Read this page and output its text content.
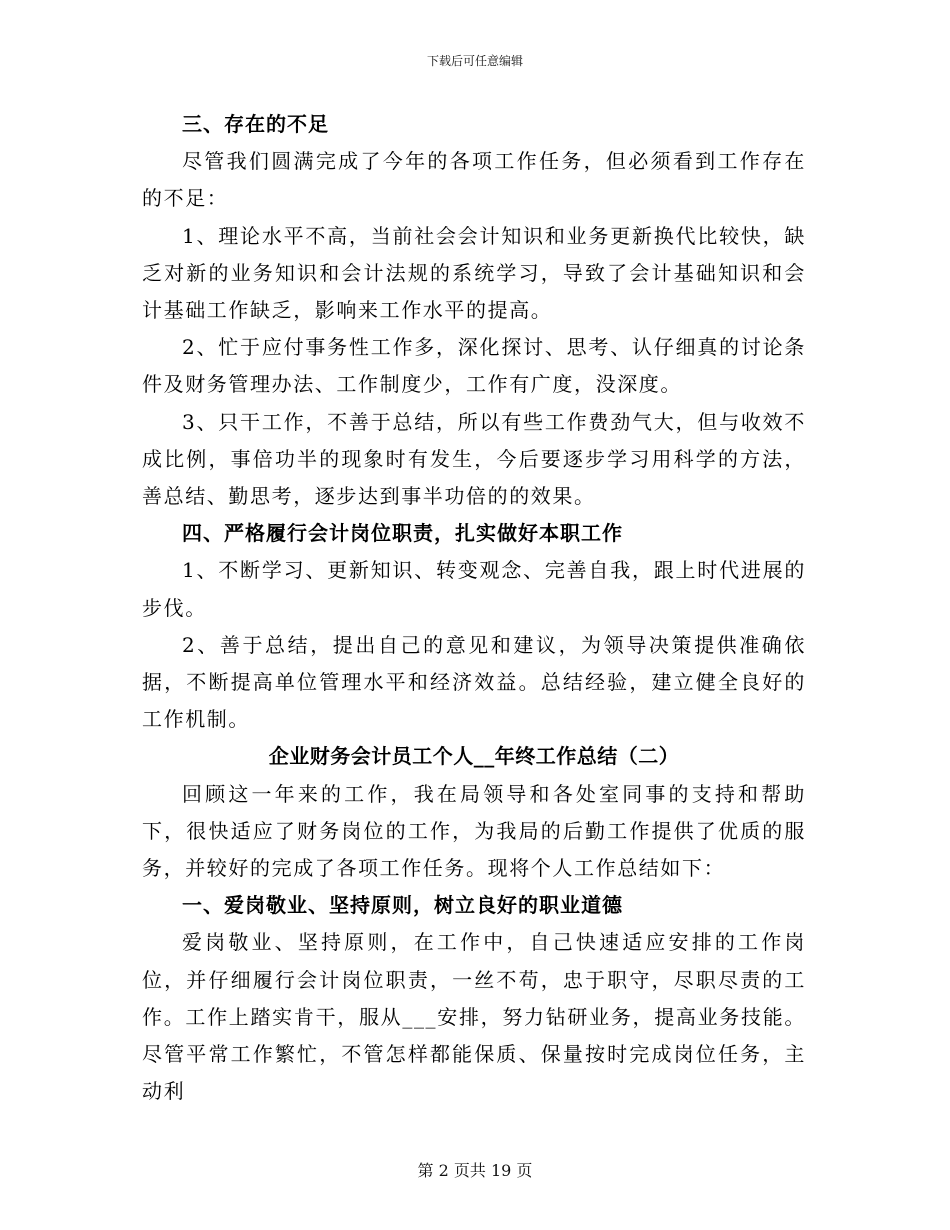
下载后可任意编辑

三、存在的不足

尽管我们圆满完成了今年的各项工作任务，但必须看到工作存在的不足：

1、理论水平不高，当前社会会计知识和业务更新换代比较快，缺乏对新的业务知识和会计法规的系统学习，导致了会计基础知识和会计基础工作缺乏，影响来工作水平的提高。

2、忙于应付事务性工作多，深化探讨、思考、认仔细真的讨论条件及财务管理办法、工作制度少，工作有广度，没深度。

3、只干工作，不善于总结，所以有些工作费劲气大，但与收效不成比例，事倍功半的现象时有发生，今后要逐步学习用科学的方法，善总结、勤思考，逐步达到事半功倍的的效果。

四、严格履行会计岗位职责，扎实做好本职工作

1、不断学习、更新知识、转变观念、完善自我，跟上时代进展的步伐。

2、善于总结，提出自己的意见和建议，为领导决策提供准确依据，不断提高单位管理水平和经济效益。总结经验，建立健全良好的工作机制。

企业财务会计员工个人__年终工作总结（二）

回顾这一年来的工作，我在局领导和各处室同事的支持和帮助下，很快适应了财务岗位的工作，为我局的后勤工作提供了优质的服务，并较好的完成了各项工作任务。现将个人工作总结如下：

一、爱岗敬业、坚持原则，树立良好的职业道德

爱岗敬业、坚持原则，在工作中，自己快速适应安排的工作岗位，并仔细履行会计岗位职责，一丝不苟，忠于职守，尽职尽责的工作。工作上踏实肯干，服从___安排，努力钻研业务，提高业务技能。尽管平常工作繁忙，不管怎样都能保质、保量按时完成岗位任务，主动利

第 2 页共 19 页
